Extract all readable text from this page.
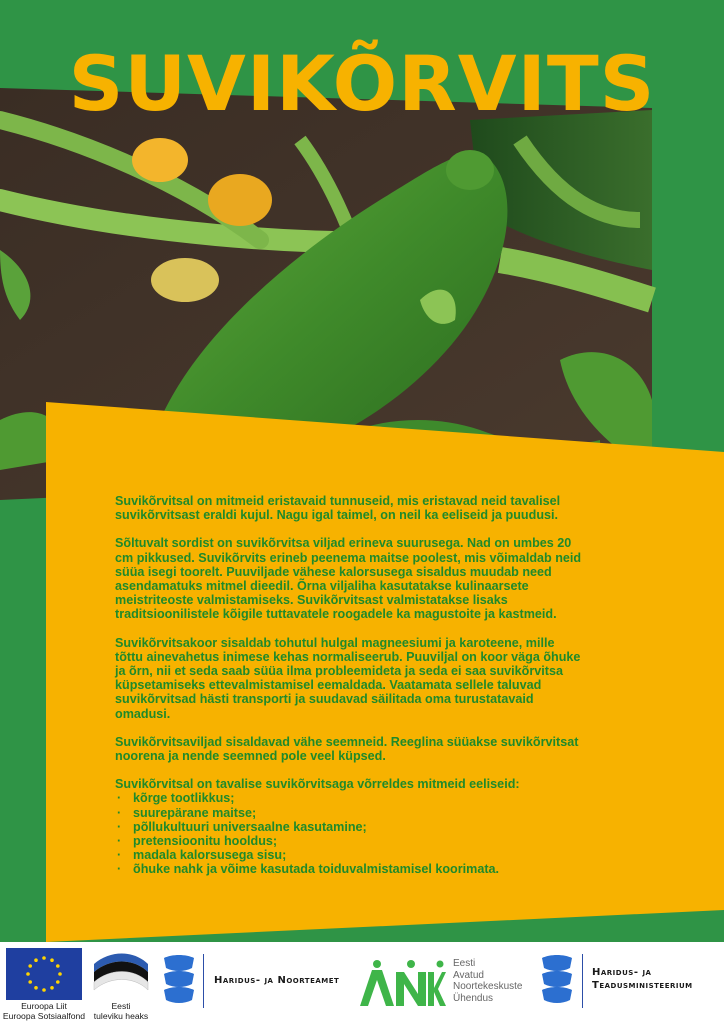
SUVIKÕRVITS

Suvikõrvitsal on mitmeid eristavaid tunnuseid, mis eristavad neid tavalisel suvikõrvitsast eraldi kujul. Nagu igal taimel, on neil ka eeliseid ja puudusi.

Sõltuvalt sordist on suvikõrvitsa viljad erineva suurusega. Nad on umbes 20 cm pikkused. Suvikõrvits erineb peenema maitse poolest, mis võimaldab neid süüa isegi toorelt. Puuviljade vähese kalorsusega sisaldus muudab need asendamatuks mitmel dieedil. Õrna viljaliha kasutatakse kulinaarsete meistriteoste valmistamiseks. Suvikõrvitsast valmistatakse lisaks traditsioonilistele kõigile tuttavatele roogadele ka magustoite ja kastmeid.

Suvikõrvitsakoor sisaldab tohutul hulgal magneesiumi ja karoteene, mille tõttu ainevahetus inimese kehas normaliseerub. Puuviljal on koor väga õhuke ja õrn, nii et seda saab süüa ilma probleemideta ja seda ei saa suvikõrvitsa küpsetamiseks ettevalmistamisel eemaldada. Vaatamata sellele taluvad suvikõrvitsad hästi transporti ja suudavad säilitada oma turustatavaid omadusi.

Suvikõrvitsaviljad sisaldavad vähe seemneid. Reeglina süüakse suvikõrvitsat noorena ja nende seemned pole veel küpsed.

Suvikõrvitsal on tavalise suvikõrvitsaga võrreldes mitmeid eeliseid:
· kõrge tootlikkus;
· suurepärane maitse;
· põllukultuuri universaalne kasutamine;
· pretensioonitu hooldus;
· madala kalorsusega sisu;
· õhuke nahk ja võime kasutada toiduvalmistamisel koorimata.
Euroopa Liit
Euroopa Sotsiaalfond
Eesti
tuleviku heaks
Haridus- ja Noorteamet
Eesti
Avatud
Noortekeskuste
Ühendus
Haridus- ja
Teadusministeerium
